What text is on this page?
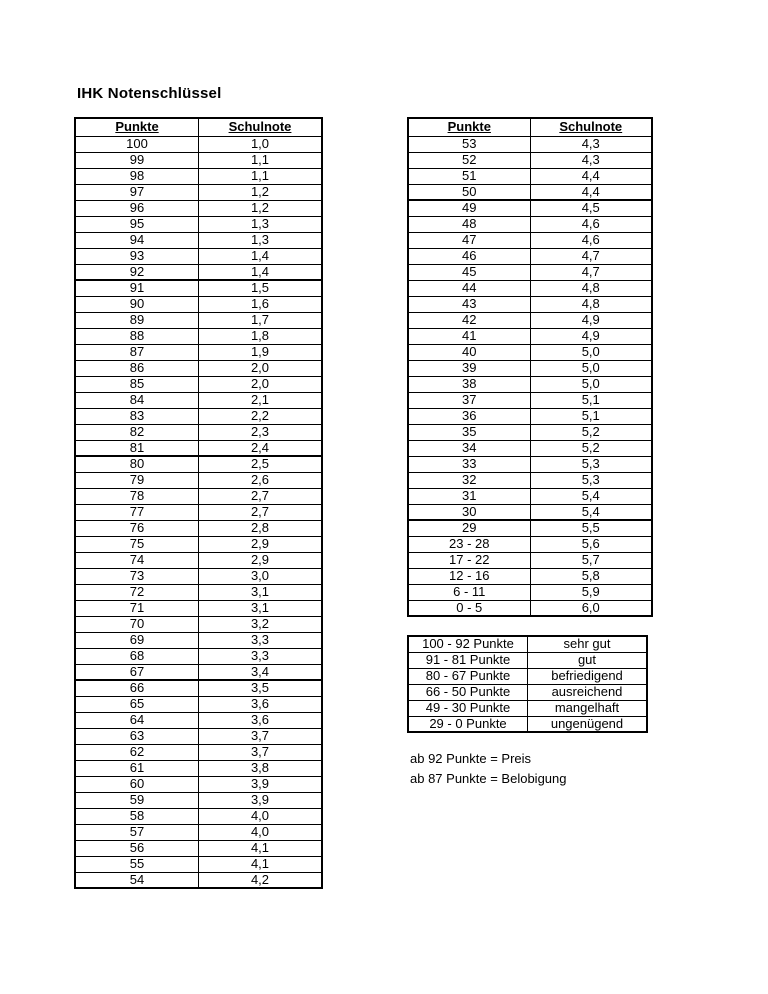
IHK Notenschlüssel
Punkte	Schulnote
100	1,0
99	1,1
98	1,1
97	1,2
96	1,2
95	1,3
94	1,3
93	1,4
92	1,4
91	1,5
90	1,6
89	1,7
88	1,8
87	1,9
86	2,0
85	2,0
84	2,1
83	2,2
82	2,3
81	2,4
80	2,5
79	2,6
78	2,7
77	2,7
76	2,8
75	2,9
74	2,9
73	3,0
72	3,1
71	3,1
70	3,2
69	3,3
68	3,3
67	3,4
66	3,5
65	3,6
64	3,6
63	3,7
62	3,7
61	3,8
60	3,9
59	3,9
58	4,0
57	4,0
56	4,1
55	4,1
54	4,2
Punkte	Schulnote
53	4,3
52	4,3
51	4,4
50	4,4
49	4,5
48	4,6
47	4,6
46	4,7
45	4,7
44	4,8
43	4,8
42	4,9
41	4,9
40	5,0
39	5,0
38	5,0
37	5,1
36	5,1
35	5,2
34	5,2
33	5,3
32	5,3
31	5,4
30	5,4
29	5,5
23 - 28	5,6
17 - 22	5,7
12 - 16	5,8
6 - 11	5,9
0 - 5	6,0
100 - 92 Punkte	sehr gut
91 - 81 Punkte	gut
80 - 67 Punkte	befriedigend
66 - 50 Punkte	ausreichend
49 - 30 Punkte	mangelhaft
29 - 0 Punkte	ungenügend
ab 92 Punkte = Preis
ab 87 Punkte = Belobigung
